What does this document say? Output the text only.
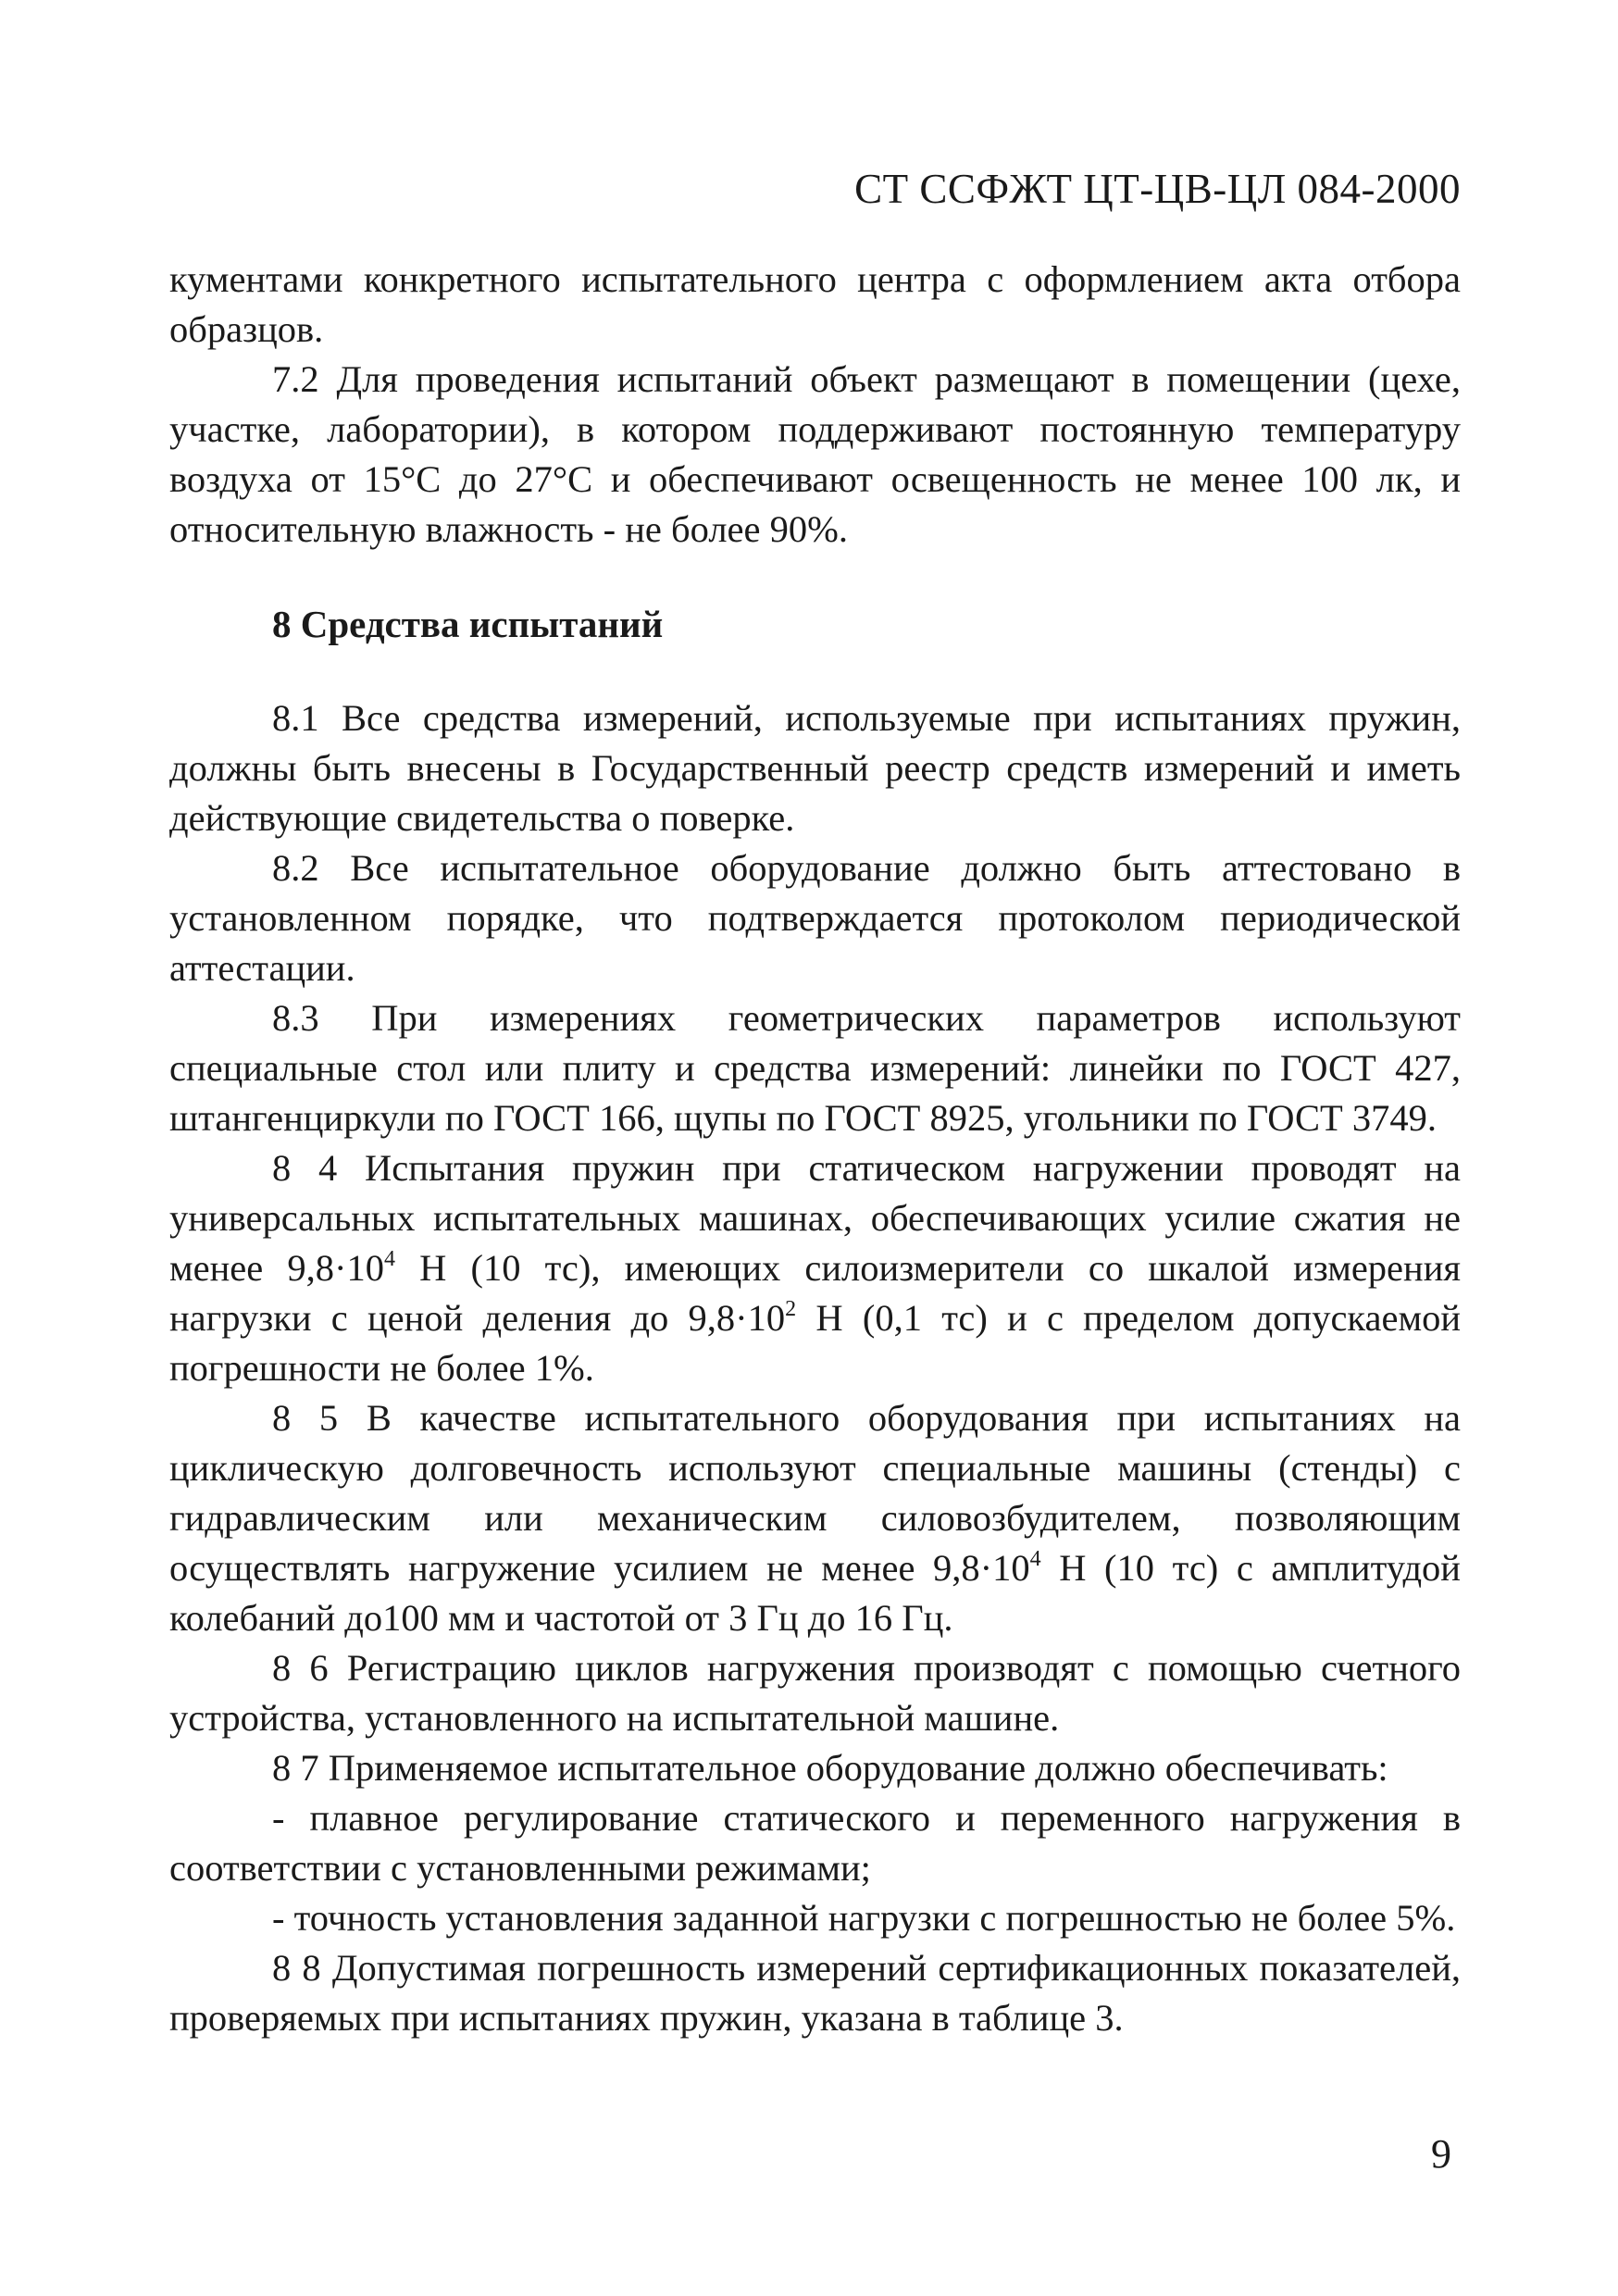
СТ ССФЖТ ЦТ-ЦВ-ЦЛ 084-2000

кументами конкретного испытательного центра с оформлением акта отбора образцов.

7.2 Для проведения испытаний объект размещают в помещении (цехе, участке, лаборатории), в котором поддерживают постоянную температуру воздуха от 15°С до 27°С и обеспечивают освещенность не менее 100 лк, и относительную влажность - не более 90%.

8 Средства испытаний

8.1 Все средства измерений, используемые при испытаниях пружин, должны быть внесены в Государственный реестр средств измерений и иметь действующие свидетельства о поверке.

8.2 Все испытательное оборудование должно быть аттестовано в установленном порядке, что подтверждается протоколом периодической аттестации.

8.3 При измерениях геометрических параметров используют специальные стол или плиту и средства измерений: линейки по ГОСТ 427, штангенциркули по ГОСТ 166, щупы по ГОСТ 8925, угольники по ГОСТ 3749.

8 4 Испытания пружин при статическом нагружении проводят на универсальных испытательных машинах, обеспечивающих усилие сжатия не менее $9,8\cdot 10^4$ Н (10 тс), имеющих силоизмерители со шкалой измерения нагрузки с ценой деления до $9,8\cdot 10^2$ Н (0,1 тс) и с пределом допускаемой погрешности не более 1%.

8 5 В качестве испытательного оборудования при испытаниях на циклическую долговечность используют специальные машины (стенды) с гидравлическим или механическим силовозбудителем, позволяющим осуществлять нагружение усилием не менее $9,8\cdot 10^4$ Н (10 тс) с амплитудой колебаний до100 мм и частотой от 3 Гц до 16 Гц.

8 6 Регистрацию циклов нагружения производят с помощью счетного устройства, установленного на испытательной машине.

8 7 Применяемое испытательное оборудование должно обеспечивать:

- плавное регулирование статического и переменного нагружения в соответствии с установленными режимами;

- точность установления заданной нагрузки с погрешностью не более 5%.

8 8 Допустимая погрешность измерений сертификационных показателей, проверяемых при испытаниях пружин, указана в таблице 3.

9
